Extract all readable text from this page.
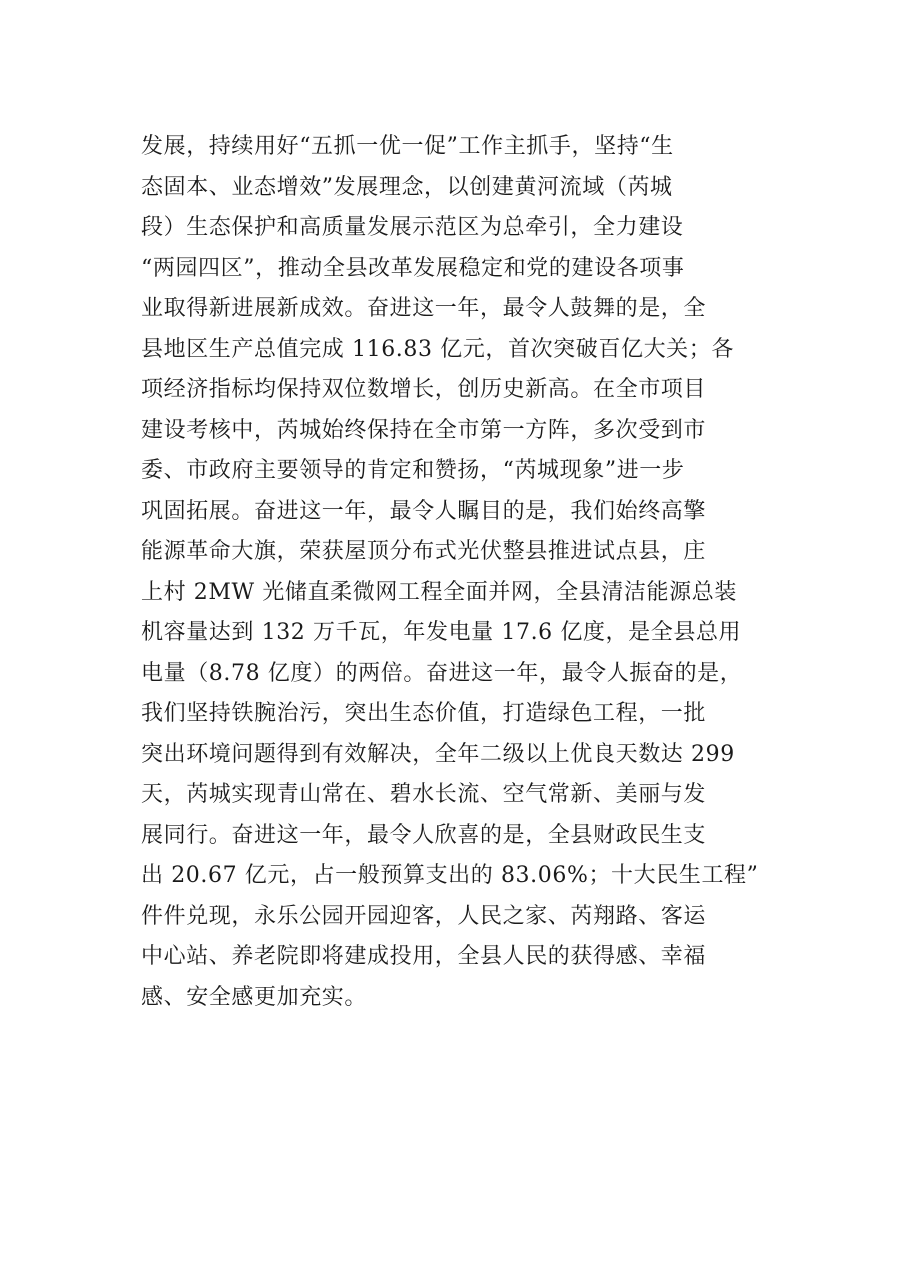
发展，持续用好“五抓一优一促”工作主抓手，坚持“生
态固本、业态增效”发展理念，以创建黄河流域（芮城
段）生态保护和高质量发展示范区为总牵引，全力建设
“两园四区”，推动全县改革发展稳定和党的建设各项事
业取得新进展新成效。奋进这一年，最令人鼓舞的是，全
县地区生产总值完成 116.83 亿元，首次突破百亿大关；各
项经济指标均保持双位数增长，创历史新高。在全市项目
建设考核中，芮城始终保持在全市第一方阵，多次受到市
委、市政府主要领导的肯定和赞扬，“芮城现象”进一步
巩固拓展。奋进这一年，最令人瞩目的是，我们始终高擎
能源革命大旗，荣获屋顶分布式光伏整县推进试点县，庄
上村 2MW 光储直柔微网工程全面并网，全县清洁能源总装
机容量达到 132 万千瓦，年发电量 17.6 亿度，是全县总用
电量（8.78 亿度）的两倍。奋进这一年，最令人振奋的是，
我们坚持铁腕治污，突出生态价值，打造绿色工程，一批
突出环境问题得到有效解决，全年二级以上优良天数达 299
天，芮城实现青山常在、碧水长流、空气常新、美丽与发
展同行。奋进这一年，最令人欣喜的是，全县财政民生支
出 20.67 亿元，占一般预算支出的 83.06%；十大民生工程”
件件兑现，永乐公园开园迎客，人民之家、芮翔路、客运
中心站、养老院即将建成投用，全县人民的获得感、幸福
感、安全感更加充实。
